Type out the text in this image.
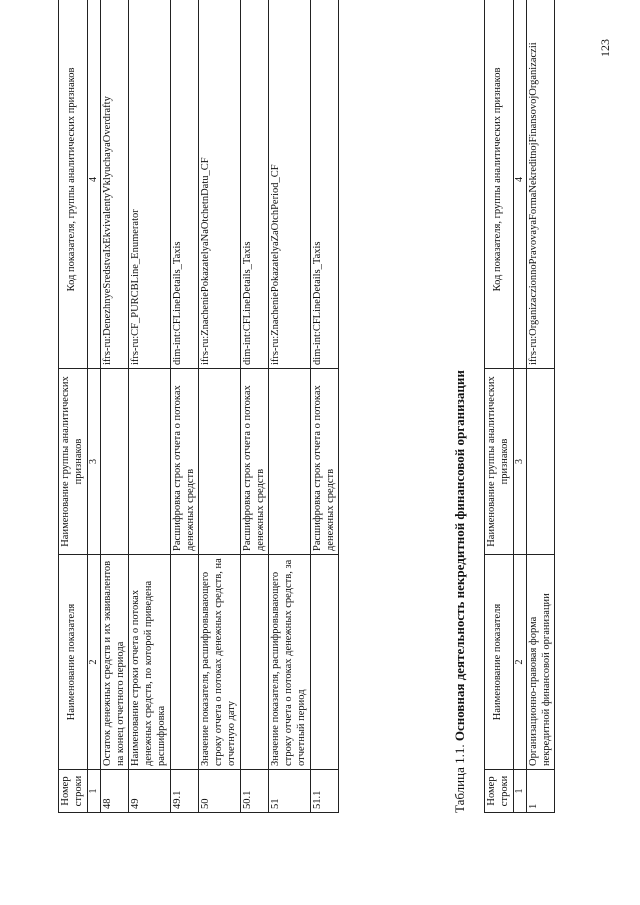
Номер строки	Наименование показателя	Наименование группы аналитических признаков	Код показателя, группы аналитических признаков
1	2	3	4
48	Остаток денежных средств и их эквивалентов на конец отчетного периода		ifrs-ru:DenezhnyeSredstvaIxEkvivalentyVklyuchayaOverdrafty
49	Наименование строки отчета о потоках денежных средств, по которой приведена расшифровка		ifrs-ru:CF_PURCBLine_Enumerator
49.1		Расшифровка строк отчета о потоках денежных средств	dim-int:CFLineDetails_Taxis
50	Значение показателя, расшифровывающего строку отчета о потоках денежных средств, на отчетную дату		ifrs-ru:ZnacheniePokazatelyaNaOtchetnDatu_CF
50.1		Расшифровка строк отчета о потоках денежных средств	dim-int:CFLineDetails_Taxis
51	Значение показателя, расшифровывающего строку отчета о потоках денежных средств, за отчетный период		ifrs-ru:ZnacheniePokazatelyaZaOtchPeriod_CF
51.1		Расшифровка строк отчета о потоках денежных средств	dim-int:CFLineDetails_Taxis
Таблица 1.1. Основная деятельность некредитной финансовой организации
Номер строки	Наименование показателя	Наименование группы аналитических признаков	Код показателя, группы аналитических признаков
1	2	3	4
1	Организационно-правовая форма некредитной финансовой организации		ifrs-ru:OrganizaczionnoPravovayaFormaNekreditnojFinansovojOrganizaczii	123
